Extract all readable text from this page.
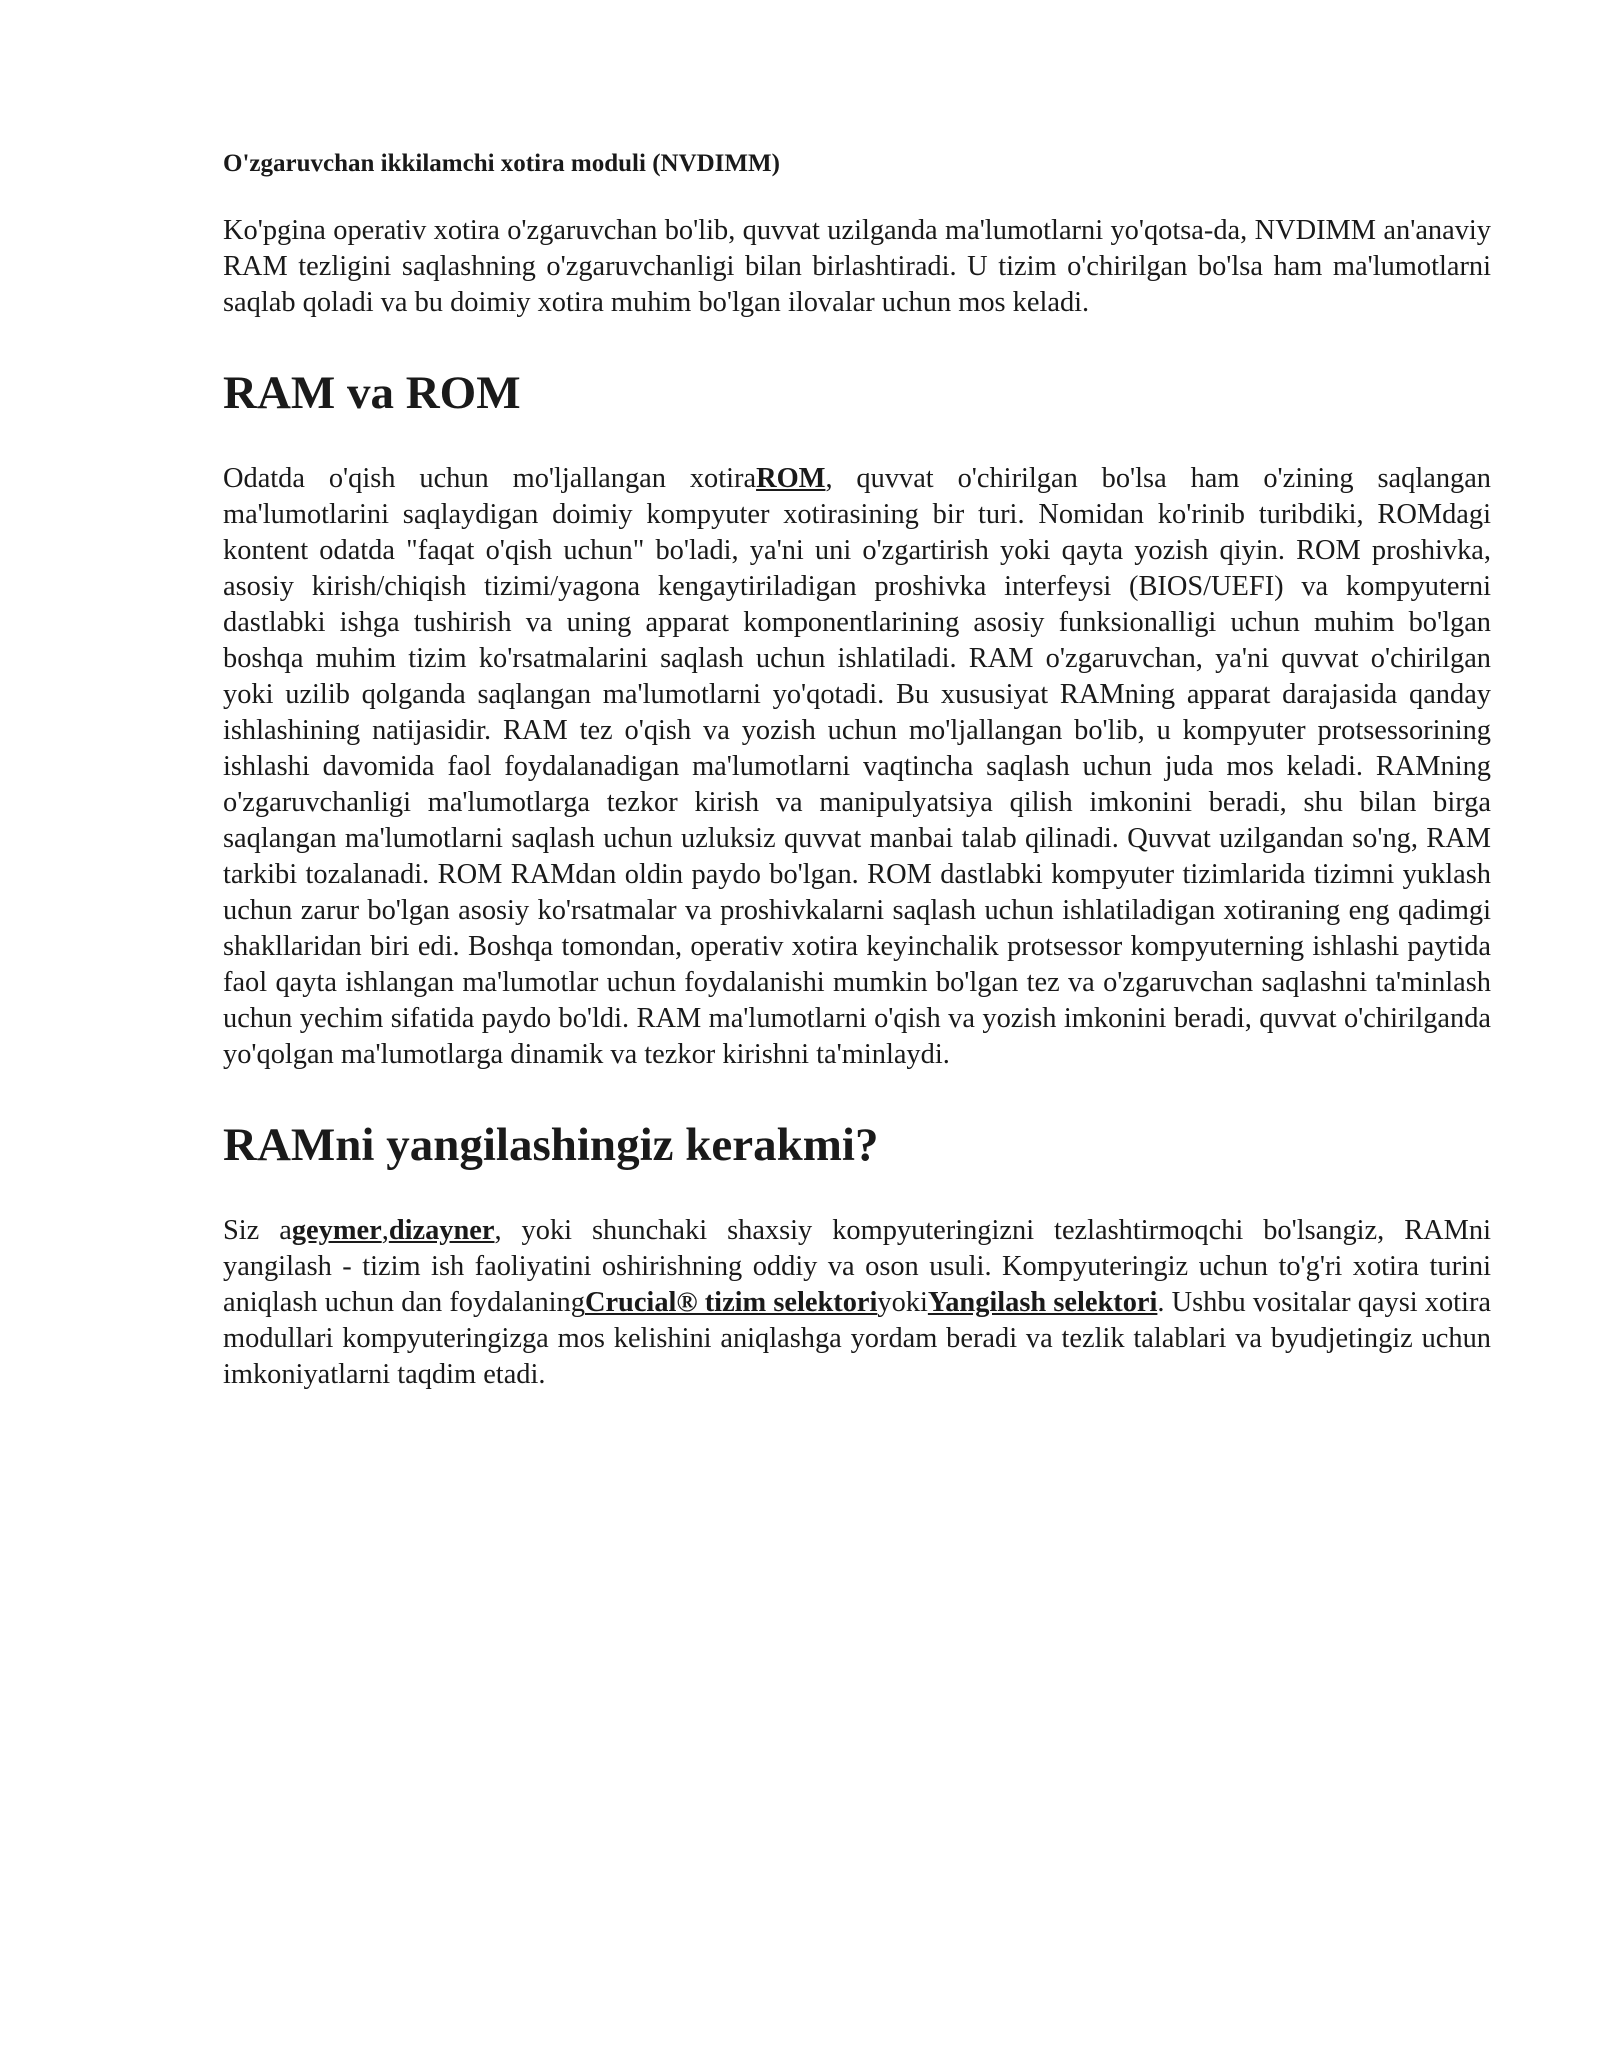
O'zgaruvchan ikkilamchi xotira moduli (NVDIMM)

Ko'pgina operativ xotira o'zgaruvchan bo'lib, quvvat uzilganda ma'lumotlarni yo'qotsa-da, NVDIMM an'anaviy RAM tezligini saqlashning o'zgaruvchanligi bilan birlashtiradi. U tizim o'chirilgan bo'lsa ham ma'lumotlarni saqlab qoladi va bu doimiy xotira muhim bo'lgan ilovalar uchun mos keladi.

RAM va ROM

Odatda o'qish uchun mo'ljallangan xotiraROM, quvvat o'chirilgan bo'lsa ham o'zining saqlangan ma'lumotlarini saqlaydigan doimiy kompyuter xotirasining bir turi. Nomidan ko'rinib turibdiki, ROMdagi kontent odatda "faqat o'qish uchun" bo'ladi, ya'ni uni o'zgartirish yoki qayta yozish qiyin. ROM proshivka, asosiy kirish/chiqish tizimi/yagona kengaytiriladigan proshivka interfeysi (BIOS/UEFI) va kompyuterni dastlabki ishga tushirish va uning apparat komponentlarining asosiy funksionalligi uchun muhim bo'lgan boshqa muhim tizim ko'rsatmalarini saqlash uchun ishlatiladi. RAM o'zgaruvchan, ya'ni quvvat o'chirilgan yoki uzilib qolganda saqlangan ma'lumotlarni yo'qotadi. Bu xususiyat RAMning apparat darajasida qanday ishlashining natijasidir. RAM tez o'qish va yozish uchun mo'ljallangan bo'lib, u kompyuter protsessorining ishlashi davomida faol foydalanadigan ma'lumotlarni vaqtincha saqlash uchun juda mos keladi. RAMning o'zgaruvchanligi ma'lumotlarga tezkor kirish va manipulyatsiya qilish imkonini beradi, shu bilan birga saqlangan ma'lumotlarni saqlash uchun uzluksiz quvvat manbai talab qilinadi. Quvvat uzilgandan so'ng, RAM tarkibi tozalanadi. ROM RAMdan oldin paydo bo'lgan. ROM dastlabki kompyuter tizimlarida tizimni yuklash uchun zarur bo'lgan asosiy ko'rsatmalar va proshivkalarni saqlash uchun ishlatiladigan xotiraning eng qadimgi shakllaridan biri edi. Boshqa tomondan, operativ xotira keyinchalik protsessor kompyuterning ishlashi paytida faol qayta ishlangan ma'lumotlar uchun foydalanishi mumkin bo'lgan tez va o'zgaruvchan saqlashni ta'minlash uchun yechim sifatida paydo bo'ldi. RAM ma'lumotlarni o'qish va yozish imkonini beradi, quvvat o'chirilganda yo'qolgan ma'lumotlarga dinamik va tezkor kirishni ta'minlaydi.

RAMni yangilashingiz kerakmi?

Siz ageymer,dizayner, yoki shunchaki shaxsiy kompyuteringizni tezlashtirmoqchi bo'lsangiz, RAMni yangilash - tizim ish faoliyatini oshirishning oddiy va oson usuli. Kompyuteringiz uchun to'g'ri xotira turini aniqlash uchun dan foydalaningCrucial® tizim selektoriyokiYangilash selektori. Ushbu vositalar qaysi xotira modullari kompyuteringizga mos kelishini aniqlashga yordam beradi va tezlik talablari va byudjetingiz uchun imkoniyatlarni taqdim etadi.
